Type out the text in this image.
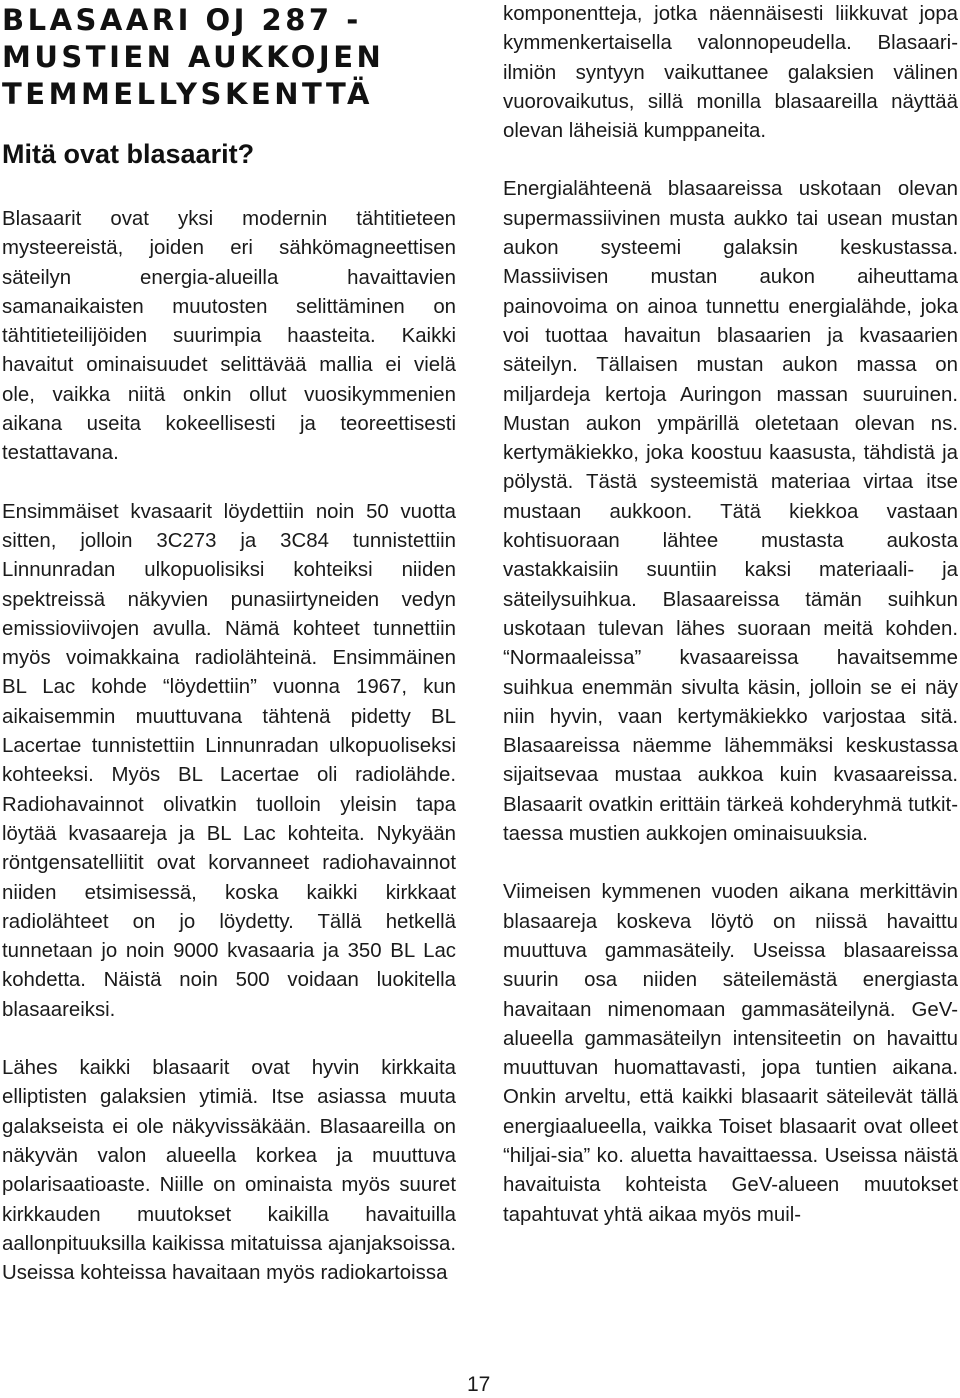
BLASAARI OJ 287 - MUSTIEN AUKKOJEN TEMMELLYSKENTTÄ
Mitä ovat blasaarit?

Blasaarit ovat yksi modernin tähtitieteen mysteereistä, joiden eri sähkömagneettisen säteilyn energia-alueilla havaittavien samanaikaisten muutosten selittäminen on tähtitieteilijöiden suurimpia haasteita. Kaikki havaitut ominaisuudet selittävää mallia ei vielä ole, vaikka niitä onkin ollut vuosikymmenien aikana useita kokeellisesti ja teoreettisesti testattavana.

Ensimmäiset kvasaarit löydettiin noin 50 vuotta sitten, jolloin 3C273 ja 3C84 tunnistettiin Linnunradan ulkopuolisiksi kohteiksi niiden spektreissä näkyvien punasiirtyneiden vedyn emissioviivojen avulla. Nämä kohteet tunnettiin myös voimakkaina radiolähteinä. Ensimmäinen BL Lac kohde “löydettiin” vuonna 1967, kun aikaisemmin muuttuvana tähtenä pidetty BL Lacertae tunnistettiin Linnunradan ulkopuoliseksi kohteeksi. Myös BL Lacertae oli radiolähde. Radiohavainnot olivatkin tuolloin yleisin tapa löytää kvasaareja ja BL Lac kohteita. Nykyään röntgensatelliitit ovat korvanneet radiohavainnot niiden etsimisessä, koska kaikki kirkkaat radiolähteet on jo löydetty. Tällä hetkellä tunnetaan jo noin 9000 kvasaaria ja 350 BL Lac kohdetta. Näistä noin 500 voidaan luokitella blasaareiksi.

Lähes kaikki blasaarit ovat hyvin kirkkaita elliptisten galaksien ytimiä. Itse asiassa muuta galakseista ei ole näkyvissäkään. Blasaareilla on näkyvän valon alueella korkea ja muuttuva polarisaatioaste. Niille on ominaista myös suuret kirkkauden muutokset kaikilla havaituilla aallonpituuksilla kaikissa mitatuissa ajanjaksoissa. Useissa kohteissa havaitaan myös radiokartoissa

komponentteja, jotka näennäisesti liikkuvat jopa kymmenkertaisella valonnopeudella. Blasaari-ilmiön syntyyn vaikuttanee galaksien välinen vuorovaikutus, sillä monilla blasaareilla näyttää olevan läheisiä kumppaneita.

Energialähteenä blasaareissa uskotaan olevan supermassiivinen musta aukko tai usean mustan aukon systeemi galaksin keskustassa. Massiivisen mustan aukon aiheuttama painovoima on ainoa tunnettu energialähde, joka voi tuottaa havaitun blasaarien ja kvasaarien säteilyn. Tällaisen mustan aukon massa on miljardeja kertoja Auringon massan suuruinen. Mustan aukon ympärillä oletetaan olevan ns. kertymäkiekko, joka koostuu kaasusta, tähdistä ja pölystä. Tästä systeemistä materiaa virtaa itse mustaan aukkoon. Tätä kiekkoa vastaan kohtisuoraan lähtee mustasta aukosta vastakkaisiin suuntiin kaksi materiaali- ja säteilysuihkua. Blasaareissa tämän suihkun uskotaan tulevan lähes suoraan meitä kohden. “Normaaleissa” kvasaareissa havaitsemme suihkua enemmän sivulta käsin, jolloin se ei näy niin hyvin, vaan kertymäkiekko varjostaa sitä. Blasaareissa näemme lähemmäksi keskustassa sijaitsevaa mustaa aukkoa kuin kvasaareissa. Blasaarit ovatkin erittäin tärkeä kohderyhmä tutkittaessa mustien aukkojen ominaisuuksia.

Viimeisen kymmenen vuoden aikana merkittävin blasaareja koskeva löytö on niissä havaittu muuttuva gammasäteily. Useissa blasaareissa suurin osa niiden säteilemästä energiasta havaitaan nimenomaan gammasäteilynä. GeV-alueella gammasäteilyn intensiteetin on havaittu muuttuvan huomattavasti, jopa tuntien aikana. Onkin arveltu, että kaikki blasaarit säteilevät tällä energiaalueella, vaikka Toiset blasaarit ovat olleet “hiljai-sia” ko. aluetta havaittaessa. Useissa näistä havaituista kohteista GeV-alueen muutokset tapahtuvat yhtä aikaa myös muil-

17
